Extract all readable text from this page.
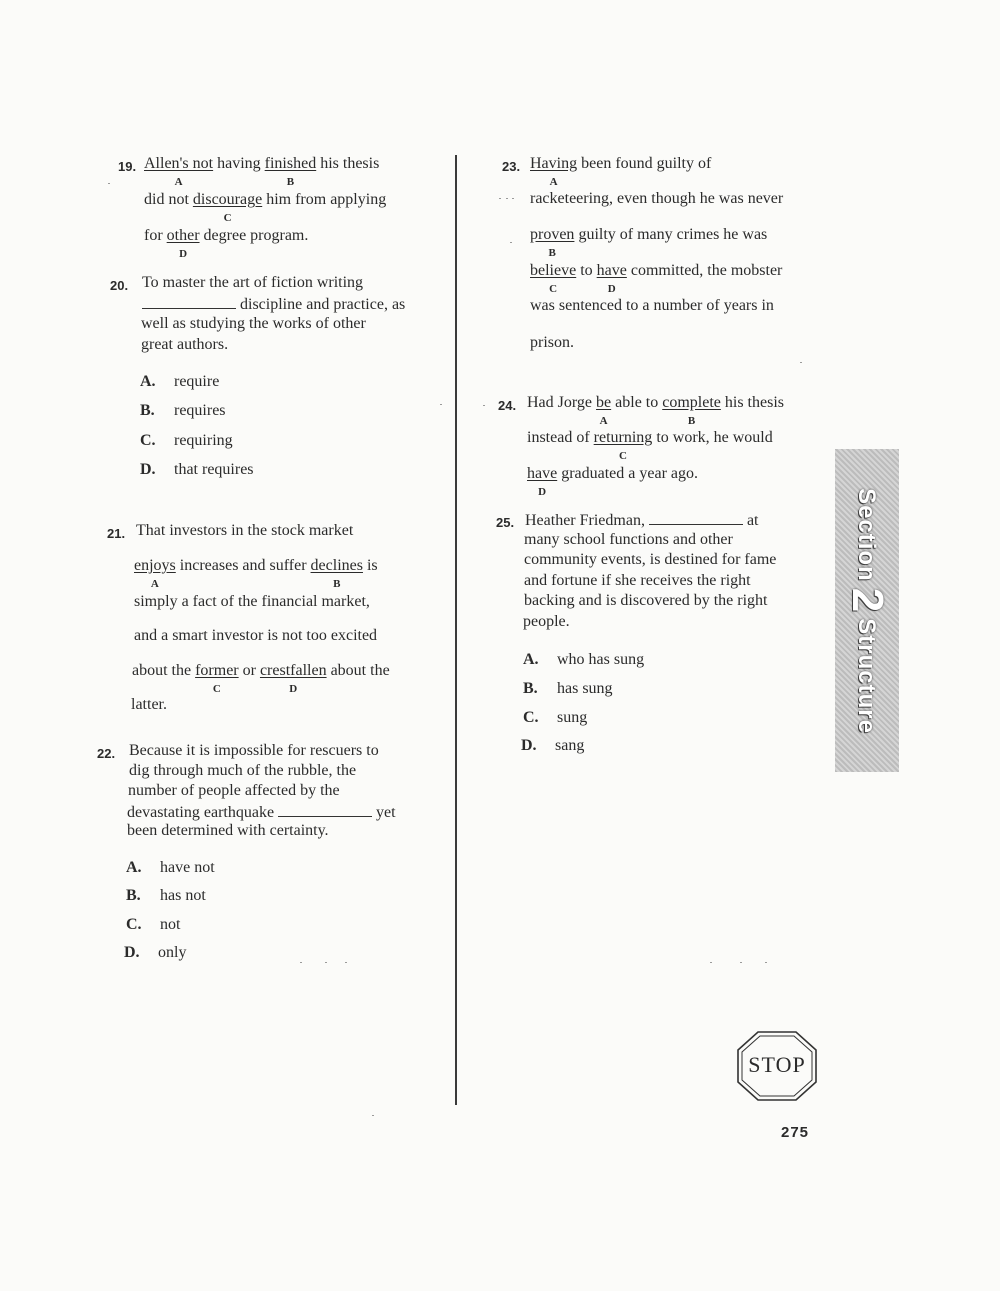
19. Allen's not
A
having finished
B
his thesis
did not discourage
C
him from applying
for other
D
degree program.
20. To master the art of fiction writing
discipline and practice, as
well as studying the works of other
great authors.
A. require
B. requires
C. requiring
D. that requires
21. That investors in the stock market
enjoys
A
increases and suffer declines
B
is
simply a fact of the financial market,
and a smart investor is not too excited
about the former
C
or crestfallen
D
about the
latter.
22. Because it is impossible for rescuers to
dig through much of the rubble, the
number of people affected by the
devastating earthquake	yet
been determined with certainty.
A. have not
B. has not
C. not
D. only
23. Having
A
been found guilty of
racketeering, even though he was never
proven
B
guilty of many crimes he was
believe
C
to have
D
committed, the mobster
was sentenced to a number of years in
prison.
24. Had Jorge be
A
able to complete
B
his thesis
instead of returning
C
to work, he would
have
D
graduated a year ago.
25. Heather Friedman,	at
many school functions and other
community events, is destined for fame
and fortune if she receives the right
backing and is discovered by the right
people.
A. who has sung
B. has sung
C. sung
D. sang
Section2Structure
STOP
275
